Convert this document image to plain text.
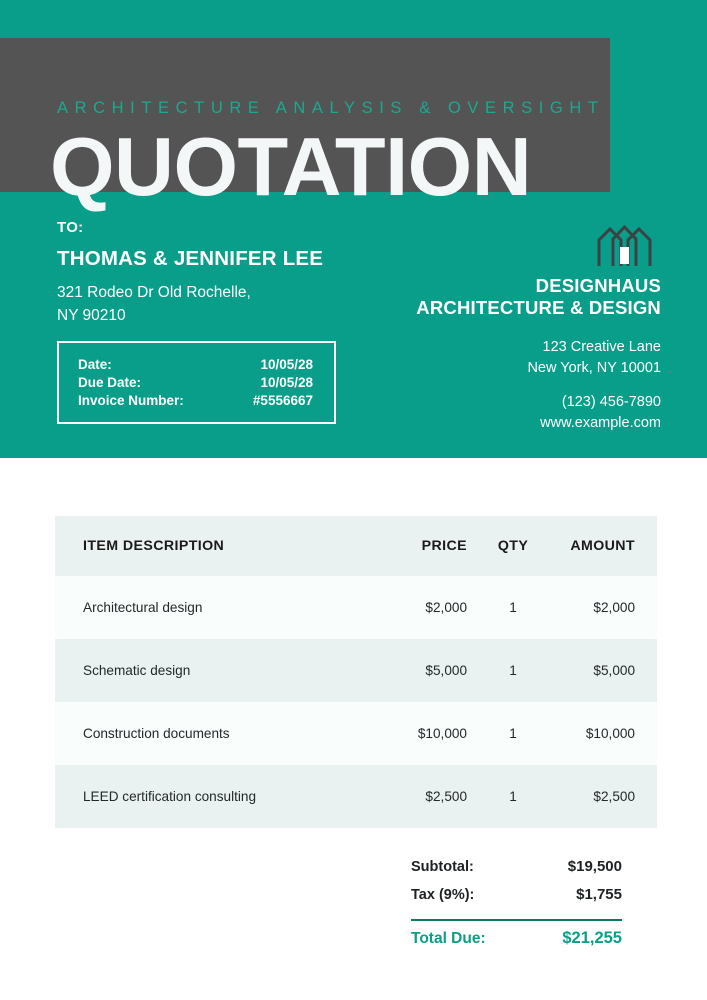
ARCHITECTURE ANALYSIS & OVERSIGHT
QUOTATION
TO:
THOMAS & JENNIFER LEE
321 Rodeo Dr Old Rochelle,
NY 90210
Date:	10/05/28
Due Date:	10/05/28
Invoice Number:	#5556667
DESIGNHAUS
ARCHITECTURE & DESIGN
123 Creative Lane
New York, NY 10001
(123) 456-7890
www.example.com
ITEM DESCRIPTION	PRICE	QTY	AMOUNT
Architectural design	$2,000	1	$2,000
Schematic design	$5,000	1	$5,000
Construction documents	$10,000	1	$10,000
LEED certification consulting	$2,500	1	$2,500
Subtotal:	$19,500
Tax (9%):	$1,755
Total Due:	$21,255
